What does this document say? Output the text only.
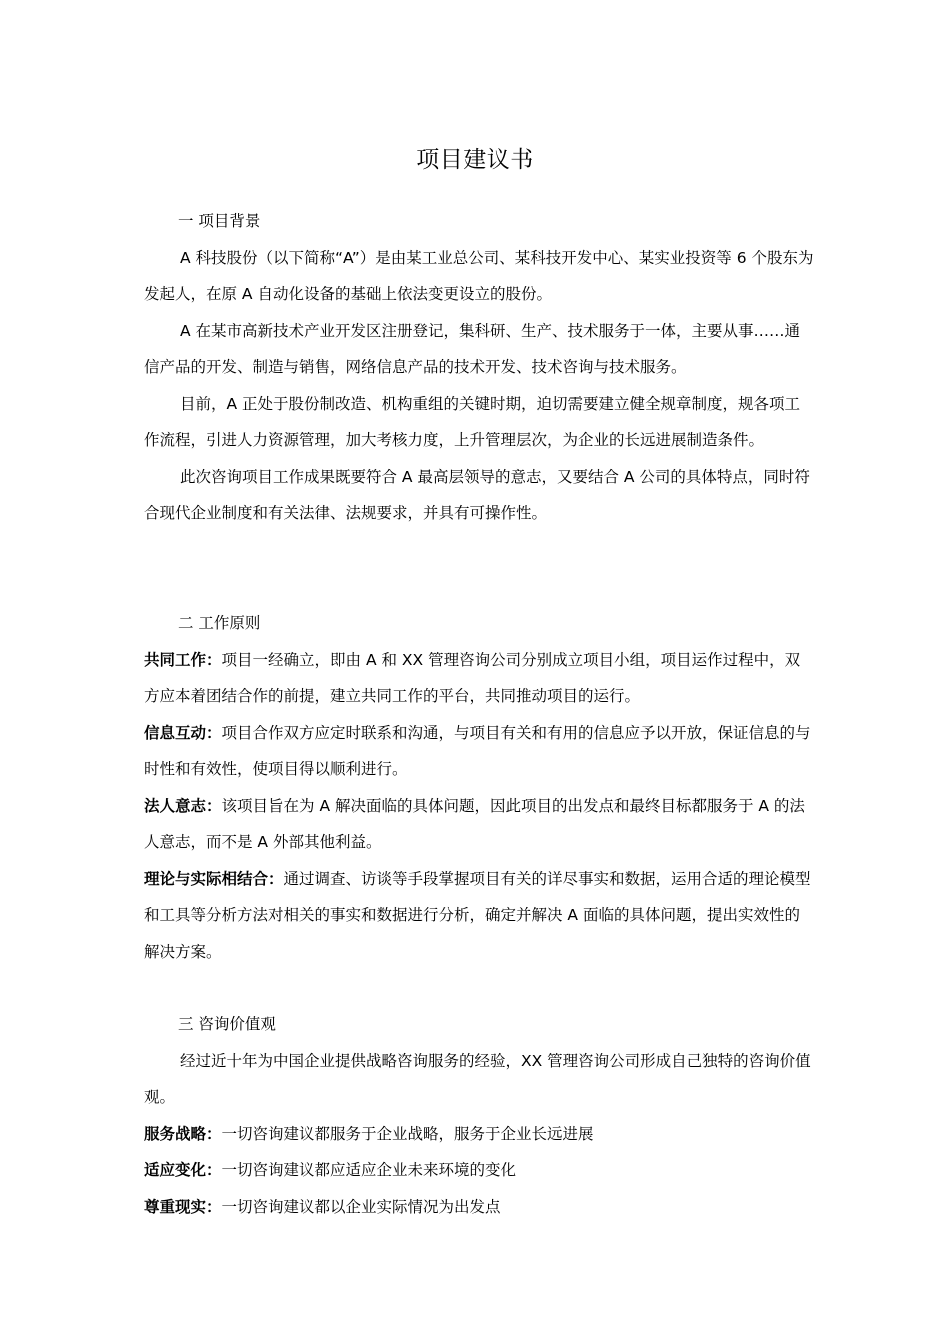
项目建议书

一 项目背景

A 科技股份（以下简称“A”）是由某工业总公司、某科技开发中心、某实业投资等 6 个股东为发起人，在原 A 自动化设备的基础上依法变更设立的股份。

A 在某市高新技术产业开发区注册登记，集科研、生产、技术服务于一体，主要从事……通信产品的开发、制造与销售，网络信息产品的技术开发、技术咨询与技术服务。

目前，A 正处于股份制改造、机构重组的关键时期，迫切需要建立健全规章制度，规各项工作流程，引进人力资源管理，加大考核力度，上升管理层次，为企业的长远进展制造条件。

此次咨询项目工作成果既要符合 A 最高层领导的意志，又要结合 A 公司的具体特点，同时符合现代企业制度和有关法律、法规要求，并具有可操作性。

二 工作原则

共同工作：项目一经确立，即由 A 和 XX 管理咨询公司分别成立项目小组，项目运作过程中，双方应本着团结合作的前提，建立共同工作的平台，共同推动项目的运行。

信息互动：项目合作双方应定时联系和沟通，与项目有关和有用的信息应予以开放，保证信息的与时性和有效性，使项目得以顺利进行。

法人意志：该项目旨在为 A 解决面临的具体问题，因此项目的出发点和最终目标都服务于 A 的法人意志，而不是 A 外部其他利益。

理论与实际相结合：通过调查、访谈等手段掌握项目有关的详尽事实和数据，运用合适的理论模型和工具等分析方法对相关的事实和数据进行分析，确定并解决 A 面临的具体问题，提出实效性的解决方案。

三 咨询价值观

经过近十年为中国企业提供战略咨询服务的经验，XX 管理咨询公司形成自己独特的咨询价值观。

服务战略：一切咨询建议都服务于企业战略，服务于企业长远进展

适应变化：一切咨询建议都应适应企业未来环境的变化

尊重现实：一切咨询建议都以企业实际情况为出发点
